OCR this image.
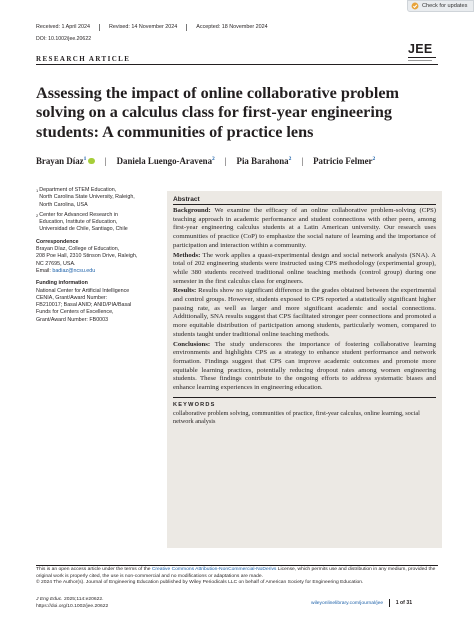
Check for updates
Received: 1 April 2024	Revised: 14 November 2024	Accepted: 18 November 2024
DOI: 10.1002/jee.20622
RESEARCH ARTICLE
JEE
Assessing the impact of online collaborative problem solving on a calculus class for first-year engineering students: A communities of practice lens
Brayan Díaz$^1$ | Daniela Luengo-Aravena$^2$ | Pia Barahona$^2$ | Patricio Felmer$^2$
1 Department of STEM Education,
North Carolina State University, Raleigh,
North Carolina, USA
2 Center for Advanced Research in
Education, Institute of Education,
Universidad de Chile, Santiago, Chile
Correspondence
Brayan Díaz, College of Education,
208 Poe Hall, 2310 Stinson Drive, Raleigh,
NC 27695, USA.
Email: badiaz@ncsu.edu
Funding information
National Center for Artificial Intelligence
CENIA, Grant/Award Number:
FB210017; Basal ANID; ANID/PIA/Basal
Funds for Centers of Excellence,
Grant/Award Number: FB0003
Abstract

Background: We examine the efficacy of an online collaborative problem-solving (CPS) teaching approach in academic performance and student connections with other peers, among first-year engineering calculus students at a Latin American university. Our research uses communities of practice (CoP) to emphasize the social nature of learning and the importance of participation and interaction within a community.

Methods: The work applies a quasi-experimental design and social network analysis (SNA). A total of 202 engineering students were instructed using CPS methodology (experimental group), while 380 students received traditional online teaching methods (control group) during one semester in the first calculus class for engineers.

Results: Results show no significant difference in the grades obtained between the experimental and control groups. However, students exposed to CPS reported a statistically significant higher passing rate, as well as larger and more significant academic and social connections. Additionally, SNA results suggest that CPS facilitated stronger peer connections and promoted a more equitable distribution of participation among students, particularly women, compared to students taught under traditional online teaching methods.

Conclusions: The study underscores the importance of fostering collaborative learning environments and highlights CPS as a strategy to enhance student performance and network formation. Findings suggest that CPS can improve academic outcomes and promote more equitable learning practices, potentially reducing dropout rates among women engineering students. These findings contribute to the ongoing efforts to address systematic biases and enhance learning experiences in engineering education.

KEYWORDS
collaborative problem solving, communities of practice, first-year calculus, online learning, social network analysis
This is an open access article under the terms of the Creative Commons Attribution-NonCommercial-NoDerivs License, which permits use and distribution in any medium, provided the original work is properly cited, the use is non-commercial and no modifications or adaptations are made.
© 2024 The Author(s). Journal of Engineering Education published by Wiley Periodicals LLC on behalf of American Society for Engineering Education.
J Eng Educ. 2025;114:e20622.
https://doi.org/10.1002/jee.20622
wileyonlinelibrary.com/journal/jee 1 of 31
